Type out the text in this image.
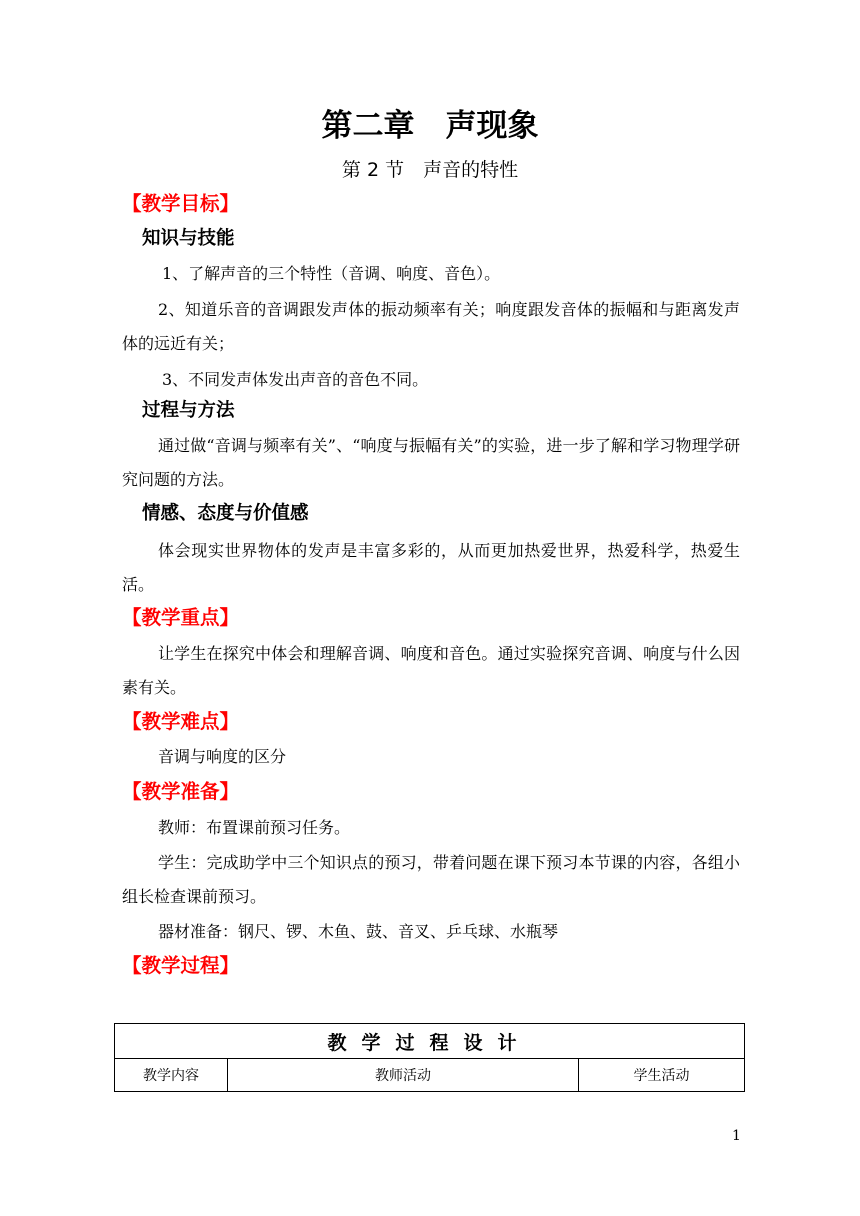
第二章　声现象
第 2 节　声音的特性
【教学目标】
知识与技能
1、了解声音的三个特性（音调、响度、音色）。
2、知道乐音的音调跟发声体的振动频率有关；响度跟发音体的振幅和与距离发声体的远近有关；
3、不同发声体发出声音的音色不同。
过程与方法
通过做“音调与频率有关”、“响度与振幅有关”的实验，进一步了解和学习物理学研究问题的方法。
情感、态度与价值感
体会现实世界物体的发声是丰富多彩的，从而更加热爱世界，热爱科学，热爱生活。
【教学重点】
让学生在探究中体会和理解音调、响度和音色。通过实验探究音调、响度与什么因素有关。
【教学难点】
音调与响度的区分
【教学准备】
教师：布置课前预习任务。
学生：完成助学中三个知识点的预习，带着问题在课下预习本节课的内容，各组小组长检查课前预习。
器材准备：钢尺、锣、木鱼、鼓、音叉、乒乓球、水瓶琴
【教学过程】
教学过程设计
教学内容	教师活动	学生活动
1
